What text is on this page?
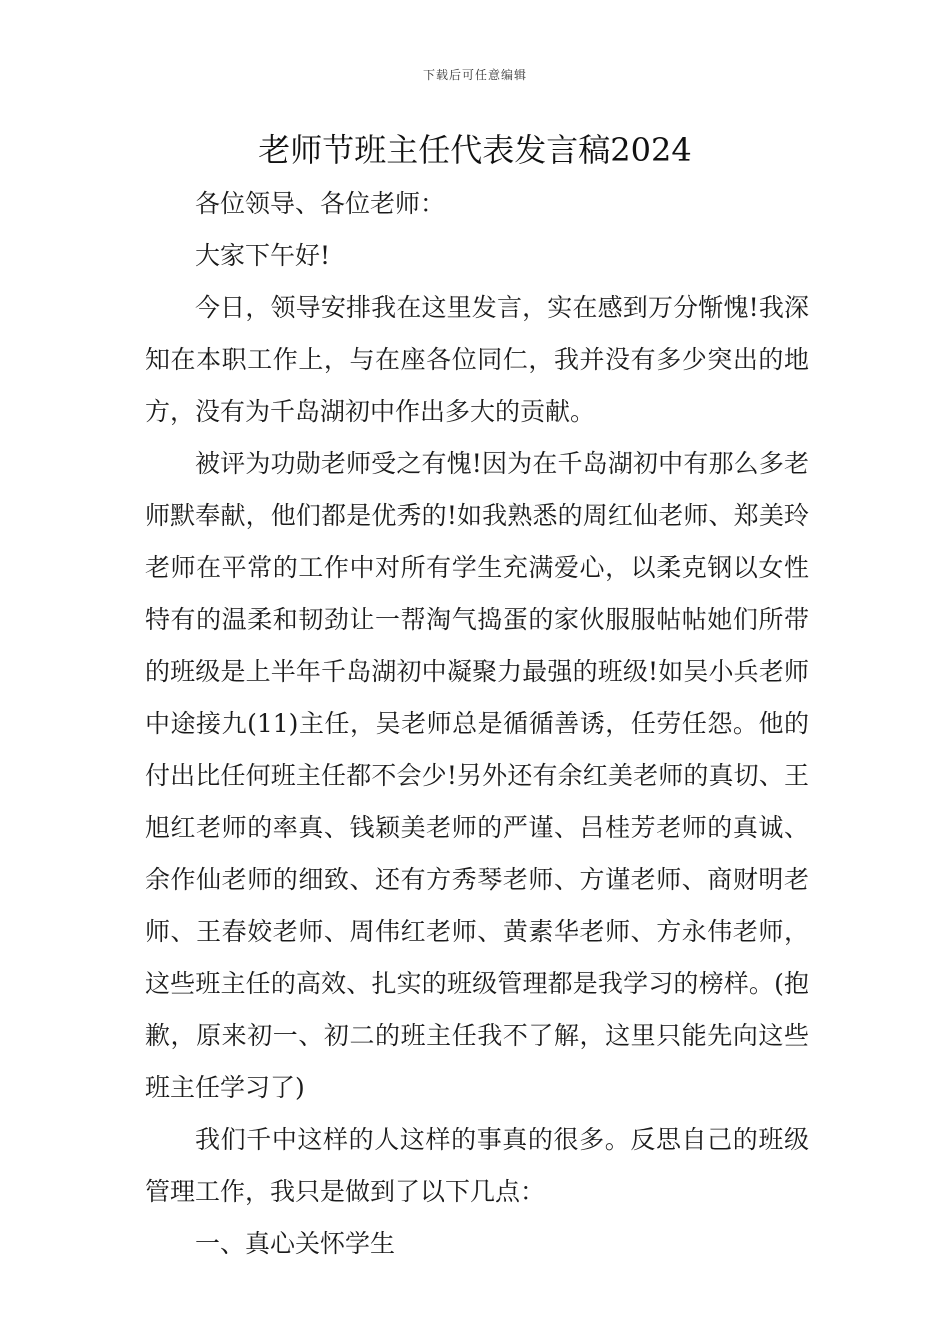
下载后可任意编辑
老师节班主任代表发言稿2024

各位领导、各位老师：

大家下午好!

今日，领导安排我在这里发言，实在感到万分惭愧!我深知在本职工作上，与在座各位同仁，我并没有多少突出的地方，没有为千岛湖初中作出多大的贡献。

被评为功勋老师受之有愧!因为在千岛湖初中有那么多老师默奉献，他们都是优秀的!如我熟悉的周红仙老师、郑美玲老师在平常的工作中对所有学生充满爱心，以柔克钢以女性特有的温柔和韧劲让一帮淘气捣蛋的家伙服服帖帖她们所带的班级是上半年千岛湖初中凝聚力最强的班级!如吴小兵老师中途接九(11)主任，吴老师总是循循善诱，任劳任怨。他的付出比任何班主任都不会少!另外还有余红美老师的真切、王旭红老师的率真、钱颖美老师的严谨、吕桂芳老师的真诚、余作仙老师的细致、还有方秀琴老师、方谨老师、商财明老师、王春姣老师、周伟红老师、黄素华老师、方永伟老师，这些班主任的高效、扎实的班级管理都是我学习的榜样。(抱歉，原来初一、初二的班主任我不了解，这里只能先向这些班主任学习了)

我们千中这样的人这样的事真的很多。反思自己的班级管理工作，我只是做到了以下几点：

一、真心关怀学生
